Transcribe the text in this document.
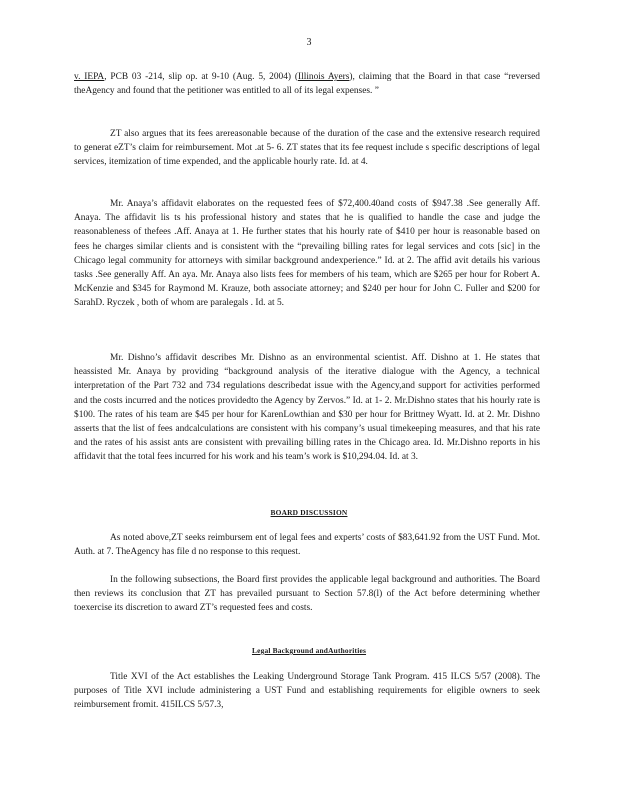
3

v. IEPA, PCB 03 -214, slip op. at 9-10 (Aug. 5, 2004) (Illinois Ayers), claiming that the Board in that case “reversed theAgency and found that the petitioner was entitled to all of its legal expenses. ”

ZT also argues that its fees arereasonable because of the duration of the case and the extensive research required to generat eZT’s claim for reimbursement. Mot .at 5- 6. ZT states that its fee request include s specific descriptions of legal services, itemization of time expended, and the applicable hourly rate. Id. at 4.

Mr. Anaya’s affidavit elaborates on the requested fees of $72,400.40and costs of $947.38 .See generally Aff. Anaya. The affidavit lis ts his professional history and states that he is qualified to handle the case and judge the reasonableness of thefees .Aff. Anaya at 1. He further states that his hourly rate of $410 per hour is reasonable based on fees he charges similar clients and is consistent with the “prevailing billing rates for legal services and cots [sic] in the Chicago legal community for attorneys with similar background andexperience.” Id. at 2. The affid avit details his various tasks .See generally Aff. An aya. Mr. Anaya also lists fees for members of his team, which are $265 per hour for Robert A. McKenzie and $345 for Raymond M. Krauze, both associate attorney; and $240 per hour for John C. Fuller and $200 for SarahD. Ryczek , both of whom are paralegals . Id. at 5.

Mr. Dishno’s affidavit describes Mr. Dishno as an environmental scientist. Aff. Dishno at 1. He states that heassisted Mr. Anaya by providing “background analysis of the iterative dialogue with the Agency, a technical interpretation of the Part 732 and 734 regulations describedat issue with the Agency,and support for activities performed and the costs incurred and the notices providedto the Agency by Zervos.” Id. at 1- 2. Mr.Dishno states that his hourly rate is $100. The rates of his team are $45 per hour for KarenLowthian and $30 per hour for Brittney Wyatt. Id. at 2. Mr. Dishno asserts that the list of fees andcalculations are consistent with his company’s usual timekeeping measures, and that his rate and the rates of his assist ants are consistent with prevailing billing rates in the Chicago area. Id. Mr.Dishno reports in his affidavit that the total fees incurred for his work and his team’s work is $10,294.04. Id. at 3.

BOARD DISCUSSION

As noted above,ZT seeks reimbursem ent of legal fees and experts’ costs of $83,641.92 from the UST Fund. Mot. Auth. at 7. TheAgency has file d no response to this request.

In the following subsections, the Board first provides the applicable legal background and authorities. The Board then reviews its conclusion that ZT has prevailed pursuant to Section 57.8(l) of the Act before determining whether toexercise its discretion to award ZT’s requested fees and costs.

Legal Background andAuthorities

Title XVI of the Act establishes the Leaking Underground Storage Tank Program. 415 ILCS 5/57 (2008). The purposes of Title XVI include administering a UST Fund and establishing requirements for eligible owners to seek reimbursement fromit. 415ILCS 5/57.3,
